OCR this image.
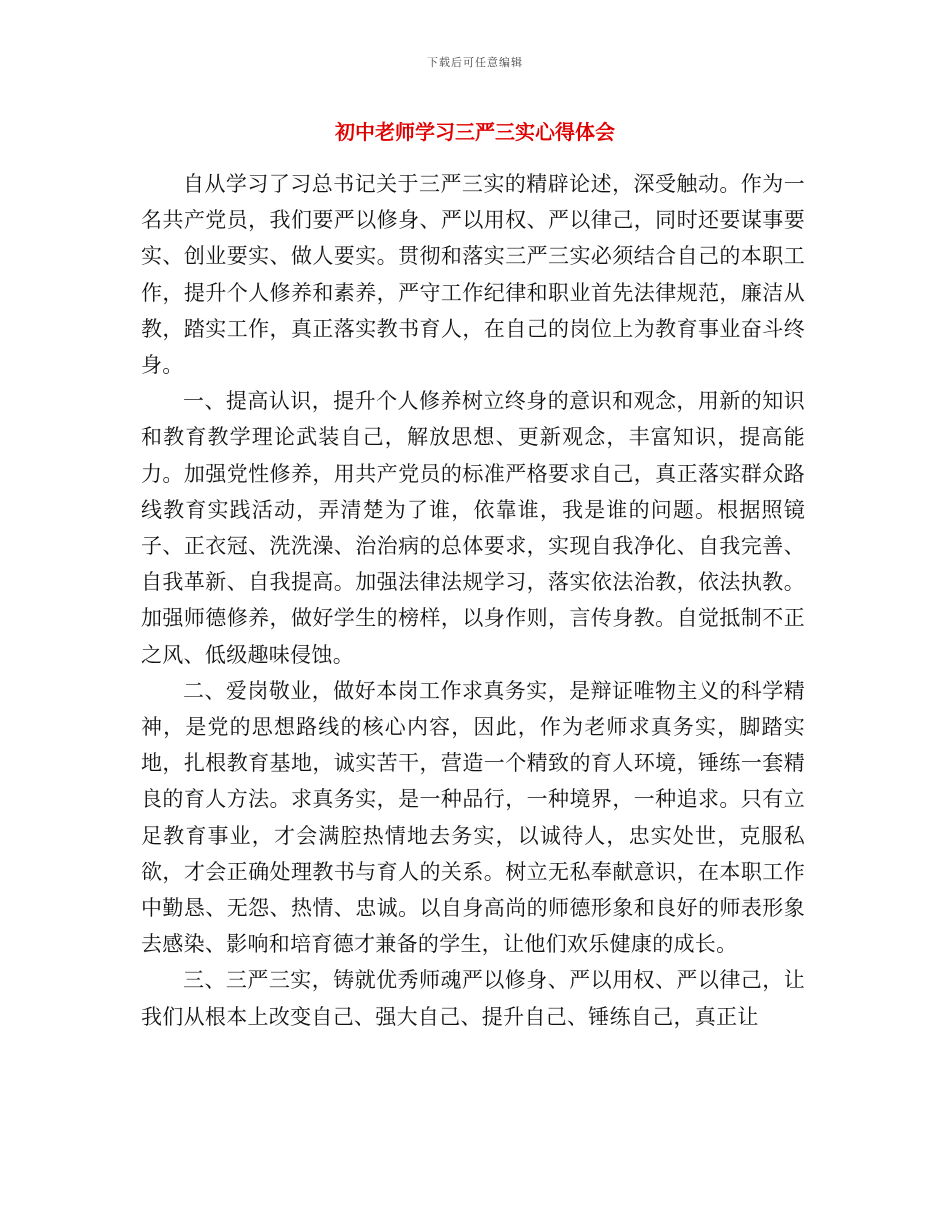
下载后可任意编辑
初中老师学习三严三实心得体会

自从学习了习总书记关于三严三实的精辟论述，深受触动。作为一名共产党员，我们要严以修身、严以用权、严以律己，同时还要谋事要实、创业要实、做人要实。贯彻和落实三严三实必须结合自己的本职工作，提升个人修养和素养，严守工作纪律和职业首先法律规范，廉洁从教，踏实工作，真正落实教书育人，在自己的岗位上为教育事业奋斗终身。

一、提高认识，提升个人修养树立终身的意识和观念，用新的知识和教育教学理论武装自己，解放思想、更新观念，丰富知识，提高能力。加强党性修养，用共产党员的标准严格要求自己，真正落实群众路线教育实践活动，弄清楚为了谁，依靠谁，我是谁的问题。根据照镜子、正衣冠、洗洗澡、治治病的总体要求，实现自我净化、自我完善、自我革新、自我提高。加强法律法规学习，落实依法治教，依法执教。加强师德修养，做好学生的榜样，以身作则，言传身教。自觉抵制不正之风、低级趣味侵蚀。

二、爱岗敬业，做好本岗工作求真务实，是辩证唯物主义的科学精神，是党的思想路线的核心内容，因此，作为老师求真务实，脚踏实地，扎根教育基地，诚实苦干，营造一个精致的育人环境，锤练一套精良的育人方法。求真务实，是一种品行，一种境界，一种追求。只有立足教育事业，才会满腔热情地去务实，以诚待人，忠实处世，克服私欲，才会正确处理教书与育人的关系。树立无私奉献意识，在本职工作中勤恳、无怨、热情、忠诚。以自身高尚的师德形象和良好的师表形象去感染、影响和培育德才兼备的学生，让他们欢乐健康的成长。

三、三严三实，铸就优秀师魂严以修身、严以用权、严以律己，让我们从根本上改变自己、强大自己、提升自己、锤练自己，真正让
